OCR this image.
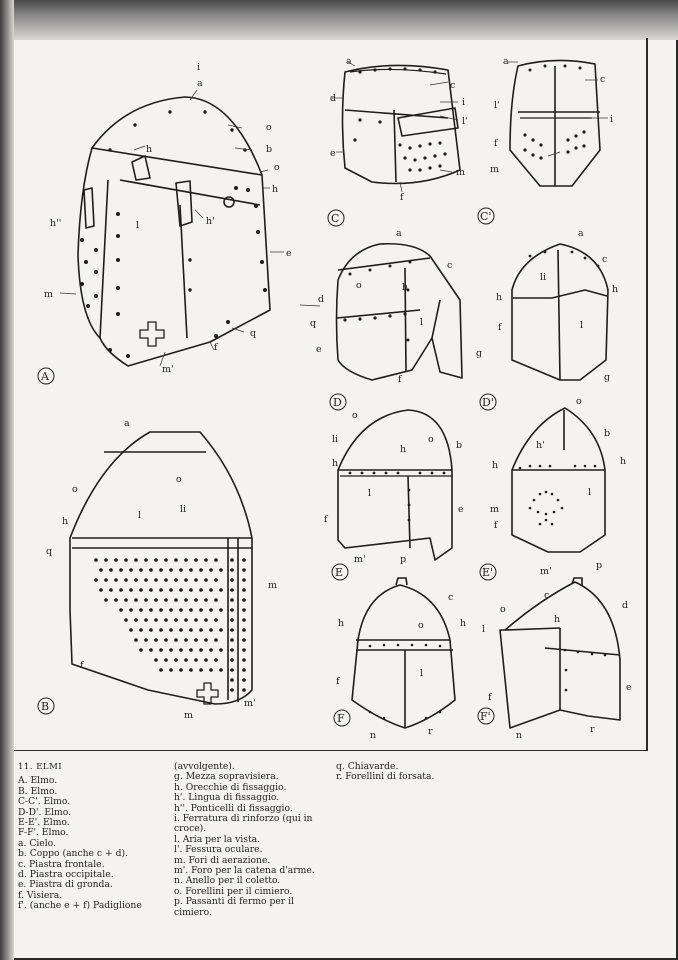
i
a
o
b
h
o
h
h''	h'
l
e
m
q
f
m'
a
d
c
i
l'
e
m
f
a
c
l'
i
f
m
a
c
d
o	h
q	l
e	g
f
a
c
li
h
h
l
f
g
a
o
o
h
li
l
q
m
f
m
m'
o
li
h
o
b
h
l
e
f
m'
o
h'
b
h	h
l
m
f
m'
p
c
h	o	h
l
f
n	r
p
c
d
o
h
l
e
f
n
r
A
C	C'
D	D'
B
E	E'
F	F'
11. ELMI
A. Elmo.
B. Elmo.
C-C'. Elmo.
D-D'. Elmo.
E-E'. Elmo.
F-F'. Elmo.
a. Cielo.
b. Coppo (anche c + d).
c. Piastra frontale.
d. Piastra occipitale.
e. Piastra di gronda.
f. Visiera.
f'. (anche e + f) Padiglione
(avvolgente).
g. Mezza sopravisiera.
h. Orecchie di fissaggio.
h'. Lingua di fissaggio.
h''. Ponticelli di fissaggio.
i. Ferratura di rinforzo (qui in
croce).
l. Aria per la vista.
l'. Fessura oculare.
m. Fori di aerazione.
m'. Foro per la catena d'arme.
n. Anello per il coletto.
o. Forellini per il cimiero.
p. Passanti di fermo per il
cimiero.
q. Chiavarde.
r. Forellini di forsata.
